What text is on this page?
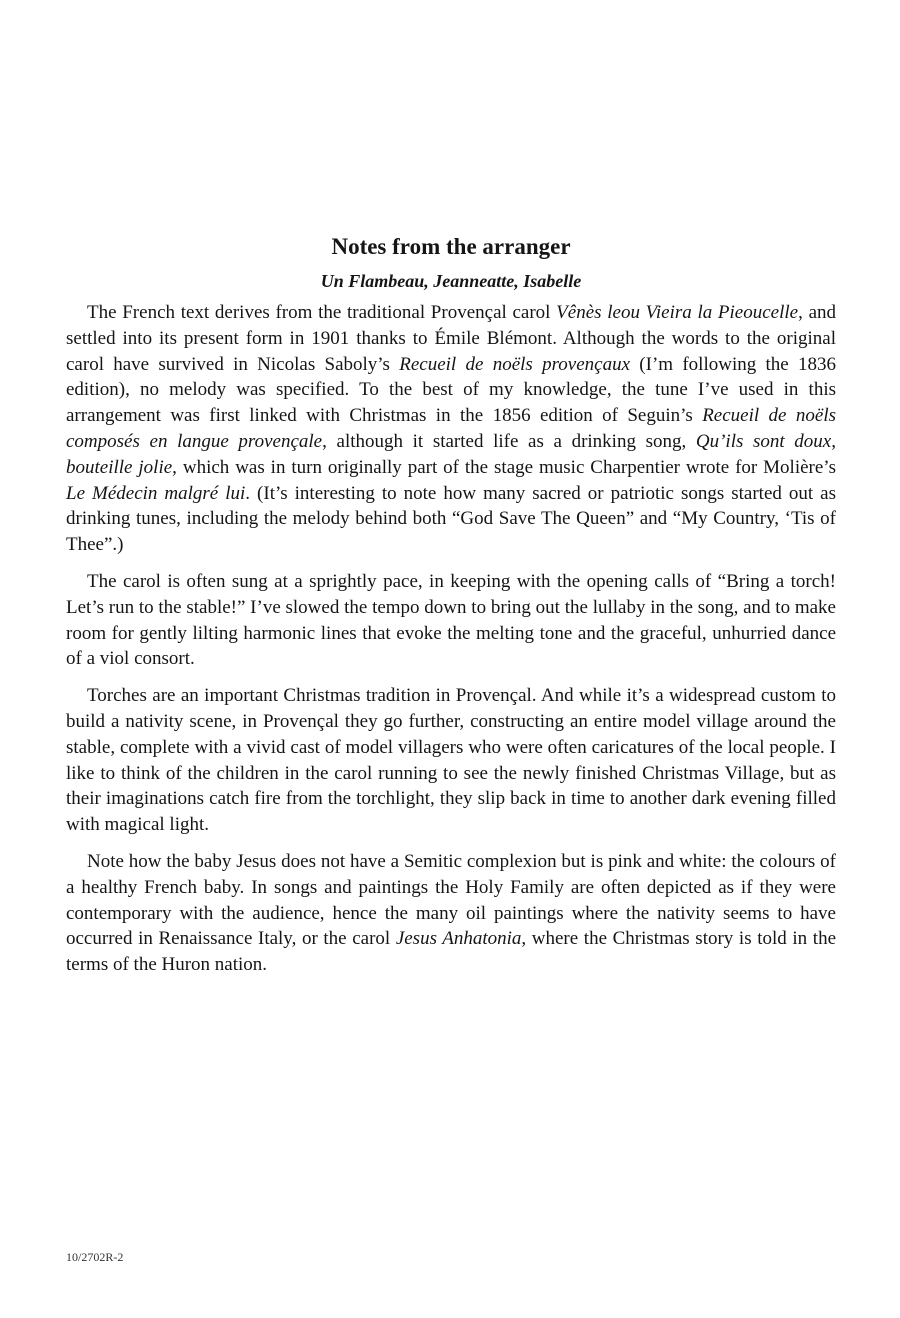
Notes from the arranger
Un Flambeau, Jeanneatte, Isabelle

The French text derives from the traditional Provençal carol Vênès leou Vieira la Pieoucelle, and settled into its present form in 1901 thanks to Émile Blémont. Although the words to the original carol have survived in Nicolas Saboly’s Recueil de noëls provençaux (I’m following the 1836 edition), no melody was specified. To the best of my knowledge, the tune I’ve used in this arrangement was first linked with Christmas in the 1856 edition of Seguin’s Recueil de noëls composés en langue provençale, although it started life as a drinking song, Qu’ils sont doux, bouteille jolie, which was in turn originally part of the stage music Charpentier wrote for Molière’s Le Médecin malgré lui. (It’s interesting to note how many sacred or patriotic songs started out as drinking tunes, including the melody behind both “God Save The Queen” and “My Country, ‘Tis of Thee”.)

The carol is often sung at a sprightly pace, in keeping with the opening calls of “Bring a torch! Let’s run to the stable!” I’ve slowed the tempo down to bring out the lullaby in the song, and to make room for gently lilting harmonic lines that evoke the melting tone and the graceful, unhurried dance of a viol consort.

Torches are an important Christmas tradition in Provençal. And while it’s a widespread custom to build a nativity scene, in Provençal they go further, constructing an entire model village around the stable, complete with a vivid cast of model villagers who were often caricatures of the local people. I like to think of the children in the carol running to see the newly finished Christmas Village, but as their imaginations catch fire from the torchlight, they slip back in time to another dark evening filled with magical light.

Note how the baby Jesus does not have a Semitic complexion but is pink and white: the colours of a healthy French baby. In songs and paintings the Holy Family are often depicted as if they were contemporary with the audience, hence the many oil paintings where the nativity seems to have occurred in Renaissance Italy, or the carol Jesus Anhatonia, where the Christmas story is told in the terms of the Huron nation.

10/2702R-2
